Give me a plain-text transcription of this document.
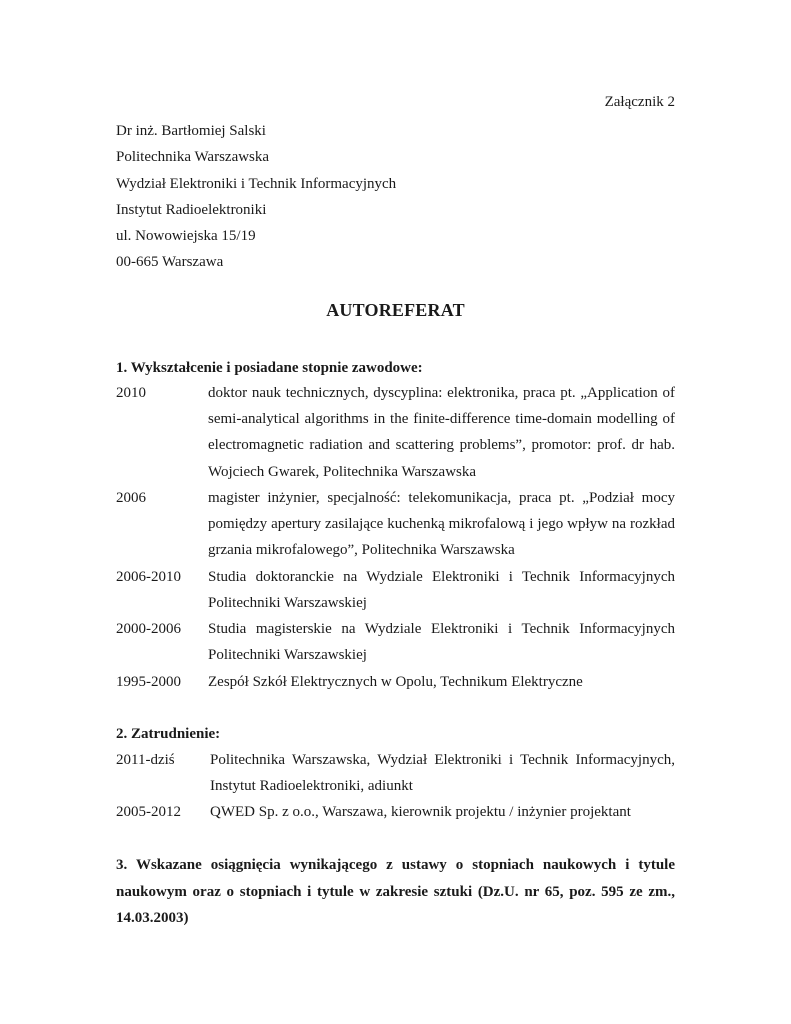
Załącznik 2
Dr inż. Bartłomiej Salski
Politechnika Warszawska
Wydział Elektroniki i Technik Informacyjnych
Instytut Radioelektroniki
ul. Nowowiejska 15/19
00-665 Warszawa
AUTOREFERAT
1. Wykształcenie i posiadane stopnie zawodowe:
2010	doktor nauk technicznych, dyscyplina: elektronika, praca pt. „Application of semi-analytical algorithms in the finite-difference time-domain modelling of electromagnetic radiation and scattering problems”, promotor: prof. dr hab. Wojciech Gwarek, Politechnika Warszawska
2006	magister inżynier, specjalność: telekomunikacja, praca pt. „Podział mocy pomiędzy apertury zasilające kuchenką mikrofalową i jego wpływ na rozkład grzania mikrofalowego”, Politechnika Warszawska
2006-2010 Studia doktoranckie na Wydziale Elektroniki i Technik Informacyjnych Politechniki Warszawskiej
2000-2006 Studia magisterskie na Wydziale Elektroniki i Technik Informacyjnych Politechniki Warszawskiej
1995-2000 Zespół Szkół Elektrycznych w Opolu, Technikum Elektryczne
2. Zatrudnienie:
2011-dziś Politechnika Warszawska, Wydział Elektroniki i Technik Informacyjnych, Instytut Radioelektroniki, adiunkt
2005-2012 QWED Sp. z o.o., Warszawa, kierownik projektu / inżynier projektant
3. Wskazane osiągnięcia wynikającego z ustawy o stopniach naukowych i tytule naukowym oraz o stopniach i tytule w zakresie sztuki (Dz.U. nr 65, poz. 595 ze zm., 14.03.2003)
